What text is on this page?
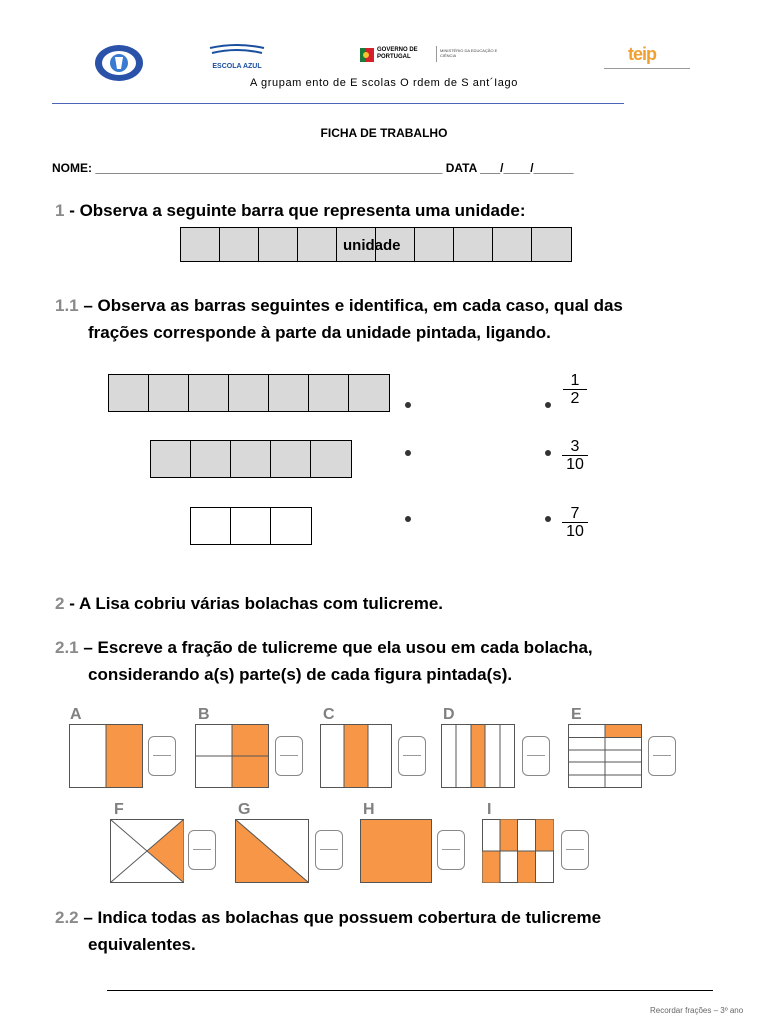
ESCOLA AZUL
GOVERNO DE
PORTUGAL
MINISTÉRIO DA EDUCAÇÃO E CIÊNCIA	teip
A grupam ento de E scolas O rdem de S ant´Iago
FICHA DE TRABALHO
NOME: ____________________________________________________ DATA ___/____/______
1 - Observa a seguinte barra que representa uma unidade:
unidade
1.1 – Observa as barras seguintes e identifica, em cada caso, qual das
frações corresponde à parte da unidade pintada, ligando.
$\frac{1}{2}$
$\frac{3}{10}$
$\frac{7}{10}$
2 - A Lisa cobriu várias bolachas com tulicreme.
2.1 – Escreve a fração de tulicreme que ela usou em cada bolacha,
considerando a(s) parte(s) de cada figura pintada(s).
A	B	C	D	E
F	G	H	I
2.2 – Indica todas as bolachas que possuem cobertura de tulicreme
equivalentes.
Recordar frações – 3º ano
